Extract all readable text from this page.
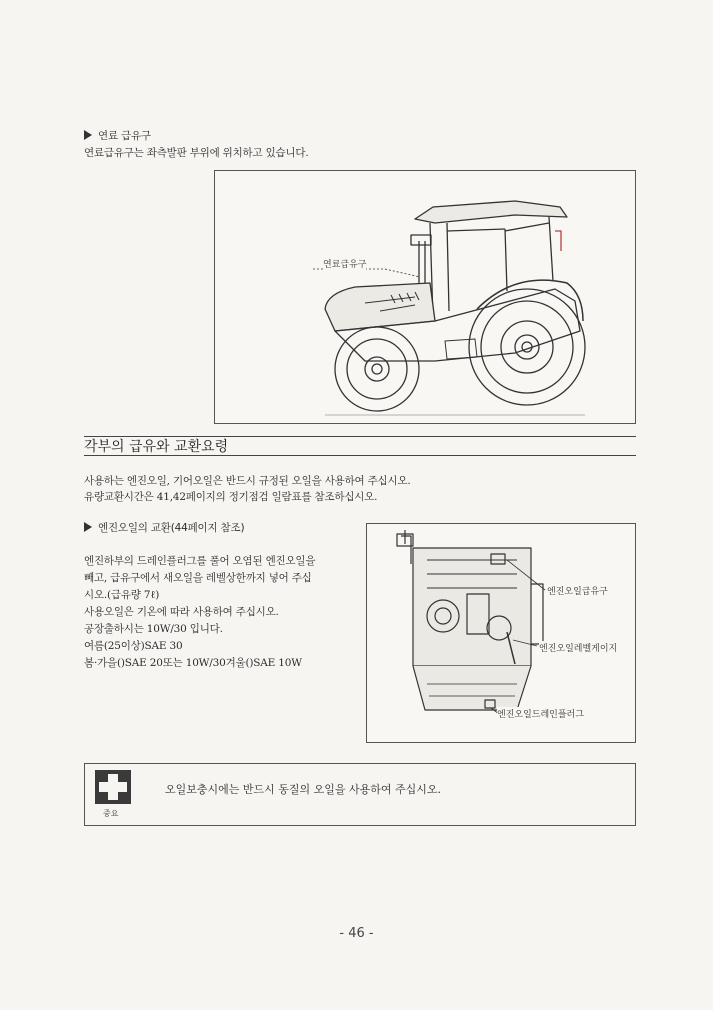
연료 급유구
연료급유구는 좌측발판 부위에 위치하고 있습니다.
연료급유구
각부의 급유와 교환요령
사용하는 엔진오일, 기어오일은 반드시 규정된 오일을 사용하여 주십시오.
유량교환시간은 41,42페이지의 정기점검 일람표를 참조하십시오.
엔진오일의 교환(44페이지 참조)
엔진하부의 드레인플러그를 풀어 오염된 엔진오일을
빼고, 급유구에서 새오일을 레벨상한까지 넣어 주십
시오.(급유량 7ℓ)
사용오일은 기온에 따라 사용하여 주십시오.
공장출하시는 10W/30 입니다.
여름(25이상)SAE 30
봄·가을()SAE 20또는 10W/30겨울()SAE 10W
엔진오일급유구
엔진오일레벨게이지
엔진오일드레인플러그
중요
오일보충시에는 반드시 동질의 오일을 사용하여 주십시오.
- 46 -
